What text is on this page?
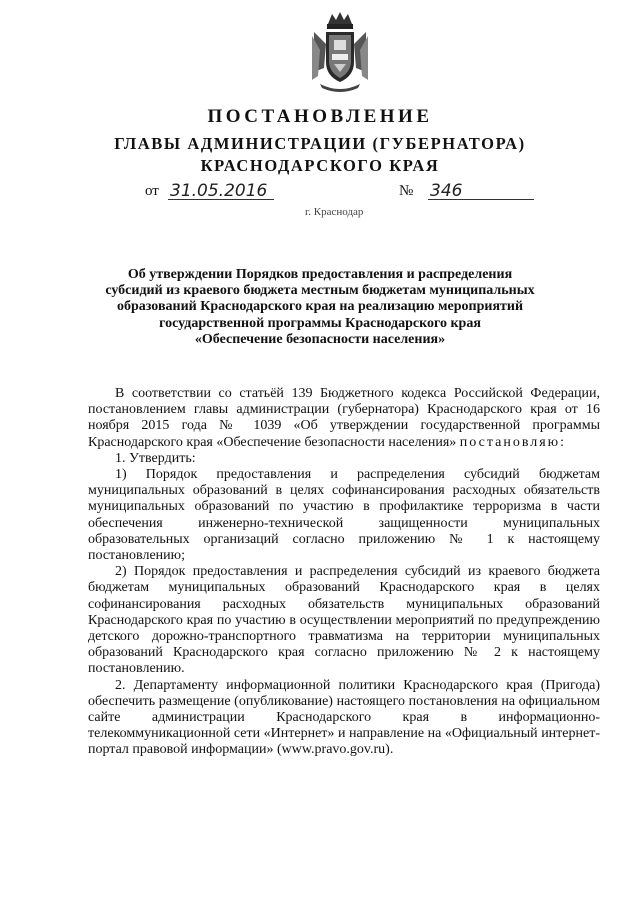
ПОСТАНОВЛЕНИЕ
ГЛАВЫ АДМИНИСТРАЦИИ (ГУБЕРНАТОРА)
КРАСНОДАРСКОГО КРАЯ
от 31.05.2016	№ 346
г. Краснодар
Об утверждении Порядков предоставления и распределения
субсидий из краевого бюджета местным бюджетам муниципальных
образований Краснодарского края на реализацию мероприятий
государственной программы Краснодарского края
«Обеспечение безопасности населения»

В соответствии со статьёй 139 Бюджетного кодекса Российской Федерации, постановлением главы администрации (губернатора) Краснодарского края от 16 ноября 2015 года № 1039 «Об утверждении государственной программы Краснодарского края «Обеспечение безопасности населения» постановляю:

1. Утвердить:

1) Порядок предоставления и распределения субсидий бюджетам муниципальных образований в целях софинансирования расходных обязательств муниципальных образований по участию в профилактике терроризма в части обеспечения инженерно-технической защищенности муниципальных образовательных организаций согласно приложению № 1 к настоящему постановлению;

2) Порядок предоставления и распределения субсидий из краевого бюджета бюджетам муниципальных образований Краснодарского края в целях софинансирования расходных обязательств муниципальных образований Краснодарского края по участию в осуществлении мероприятий по предупреждению детского дорожно-транспортного травматизма на территории муниципальных образований Краснодарского края согласно приложению № 2 к настоящему постановлению.

2. Департаменту информационной политики Краснодарского края (Пригода) обеспечить размещение (опубликование) настоящего постановления на официальном сайте администрации Краснодарского края в информационно-телекоммуникационной сети «Интернет» и направление на «Официальный интернет-портал правовой информации» (www.pravo.gov.ru).
